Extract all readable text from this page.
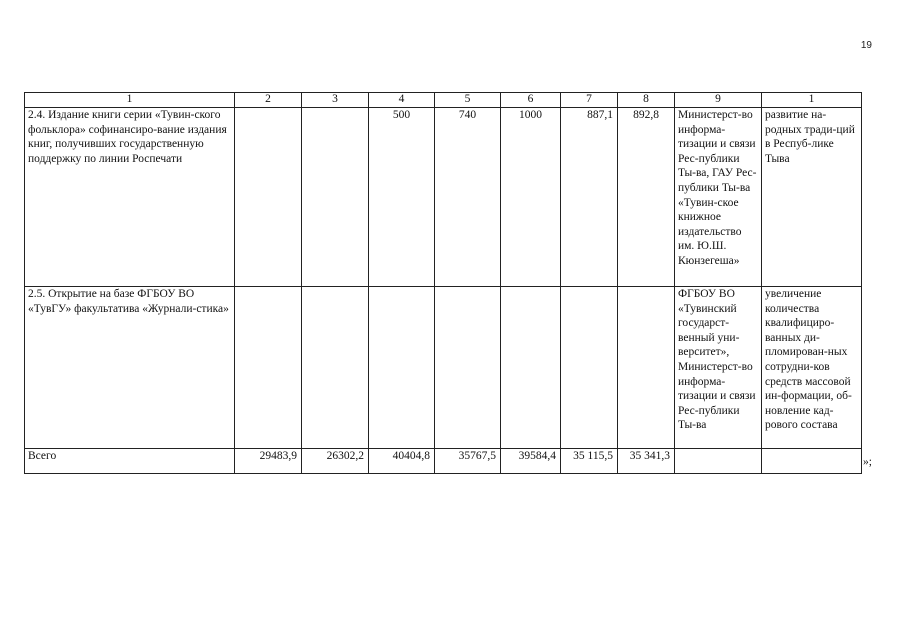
19
1	2	3	4	5	6	7	8	9	1
2.4. Издание книги серии «Тувин-ского фольклора» софинансиро-вание издания книг, получивших государственную поддержку по линии Роспечати			500	740	1000	887,1	892,8	Министерст-во информа-тизации и связи Рес-публики Ты-ва, ГАУ Рес-публики Ты-ва «Тувин-ское книжное издательство им. Ю.Ш. Кюнзегеша»	развитие на-родных тради-ций в Респуб-лике Тыва
2.5. Открытие на базе ФГБОУ ВО «ТувГУ» факультатива «Журнали-стика»								ФГБОУ ВО «Тувинский государст-венный уни-верситет», Министерст-во информа-тизации и связи Рес-публики Ты-ва	увеличение количества квалифициро-ванных ди-пломирован-ных сотрудни-ков средств массовой ин-формации, об-новление кад-рового состава
Всего	29483,9	26302,2	40404,8	35767,5	39584,4	35 115,5	35 341,3			»;
